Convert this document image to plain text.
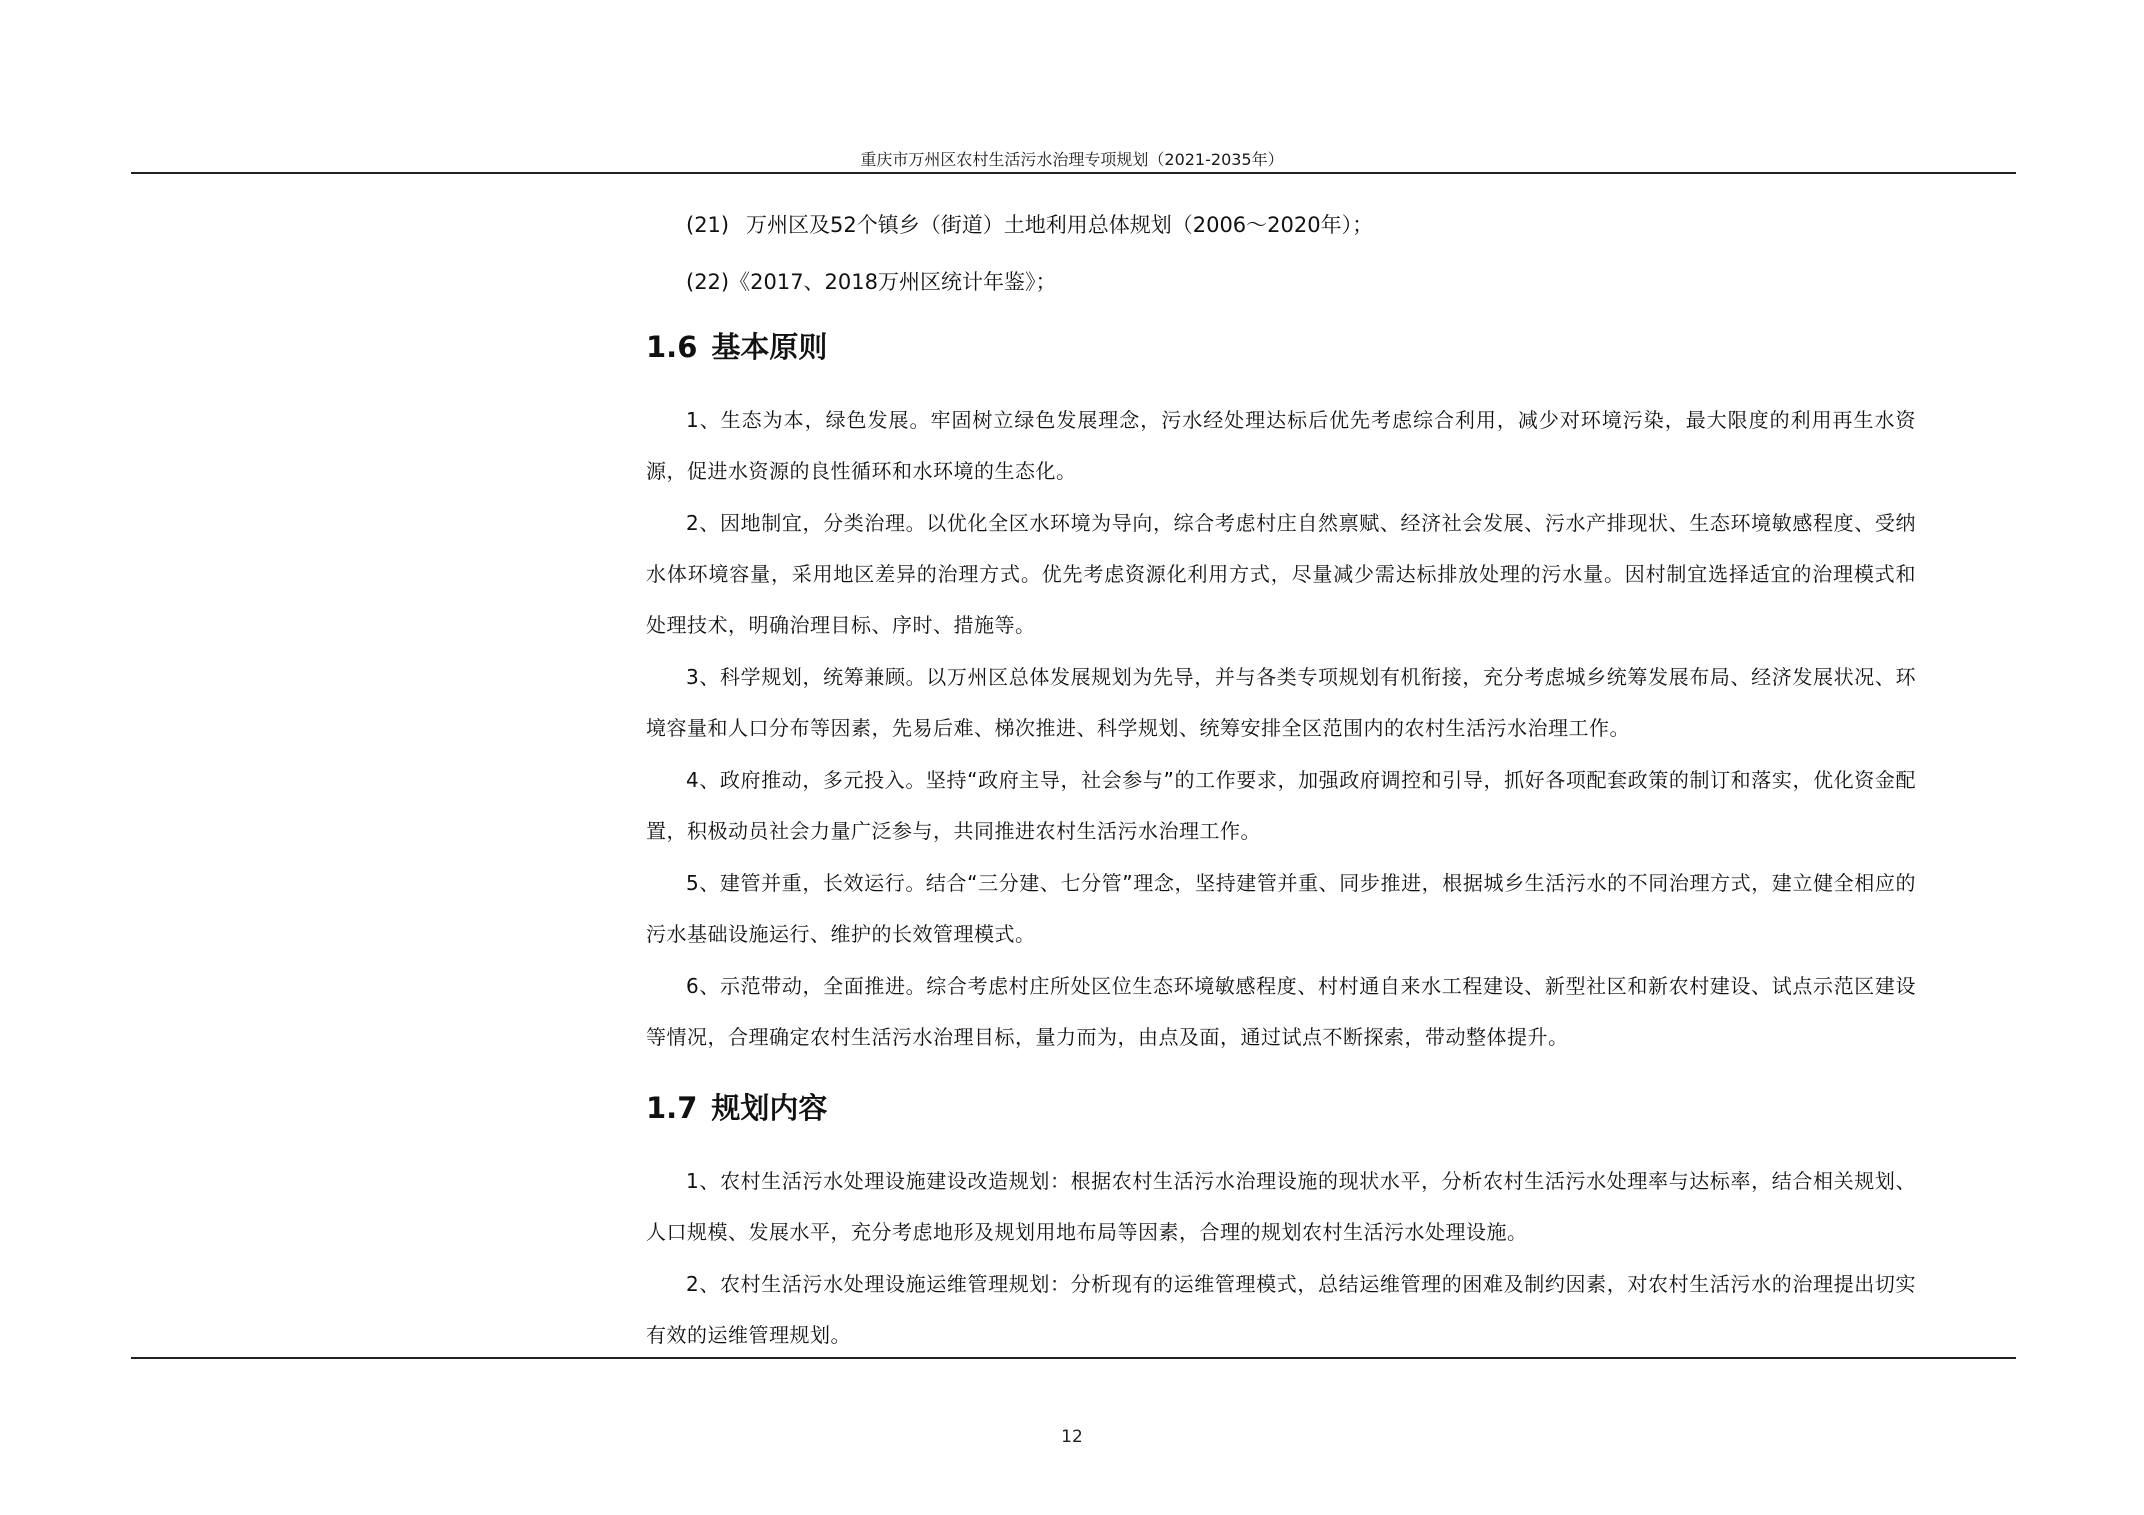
重庆市万州区农村生活污水治理专项规划（2021-2035年）
(21) 万州区及52个镇乡（街道）土地利用总体规划（2006～2020年）；
(22)《2017、2018万州区统计年鉴》；
1.6 基本原则

1、生态为本，绿色发展。牢固树立绿色发展理念，污水经处理达标后优先考虑综合利用，减少对环境污染，最大限度的利用再生水资源，促进水资源的良性循环和水环境的生态化。

2、因地制宜，分类治理。以优化全区水环境为导向，综合考虑村庄自然禀赋、经济社会发展、污水产排现状、生态环境敏感程度、受纳水体环境容量，采用地区差异的治理方式。优先考虑资源化利用方式，尽量减少需达标排放处理的污水量。因村制宜选择适宜的治理模式和处理技术，明确治理目标、序时、措施等。

3、科学规划，统筹兼顾。以万州区总体发展规划为先导，并与各类专项规划有机衔接，充分考虑城乡统筹发展布局、经济发展状况、环境容量和人口分布等因素，先易后难、梯次推进、科学规划、统筹安排全区范围内的农村生活污水治理工作。

4、政府推动，多元投入。坚持“政府主导，社会参与”的工作要求，加强政府调控和引导，抓好各项配套政策的制订和落实，优化资金配置，积极动员社会力量广泛参与，共同推进农村生活污水治理工作。

5、建管并重，长效运行。结合“三分建、七分管”理念，坚持建管并重、同步推进，根据城乡生活污水的不同治理方式，建立健全相应的污水基础设施运行、维护的长效管理模式。

6、示范带动，全面推进。综合考虑村庄所处区位生态环境敏感程度、村村通自来水工程建设、新型社区和新农村建设、试点示范区建设等情况，合理确定农村生活污水治理目标，量力而为，由点及面，通过试点不断探索，带动整体提升。

1.7 规划内容

1、农村生活污水处理设施建设改造规划：根据农村生活污水治理设施的现状水平，分析农村生活污水处理率与达标率，结合相关规划、人口规模、发展水平，充分考虑地形及规划用地布局等因素，合理的规划农村生活污水处理设施。

2、农村生活污水处理设施运维管理规划：分析现有的运维管理模式，总结运维管理的困难及制约因素，对农村生活污水的治理提出切实有效的运维管理规划。

12
